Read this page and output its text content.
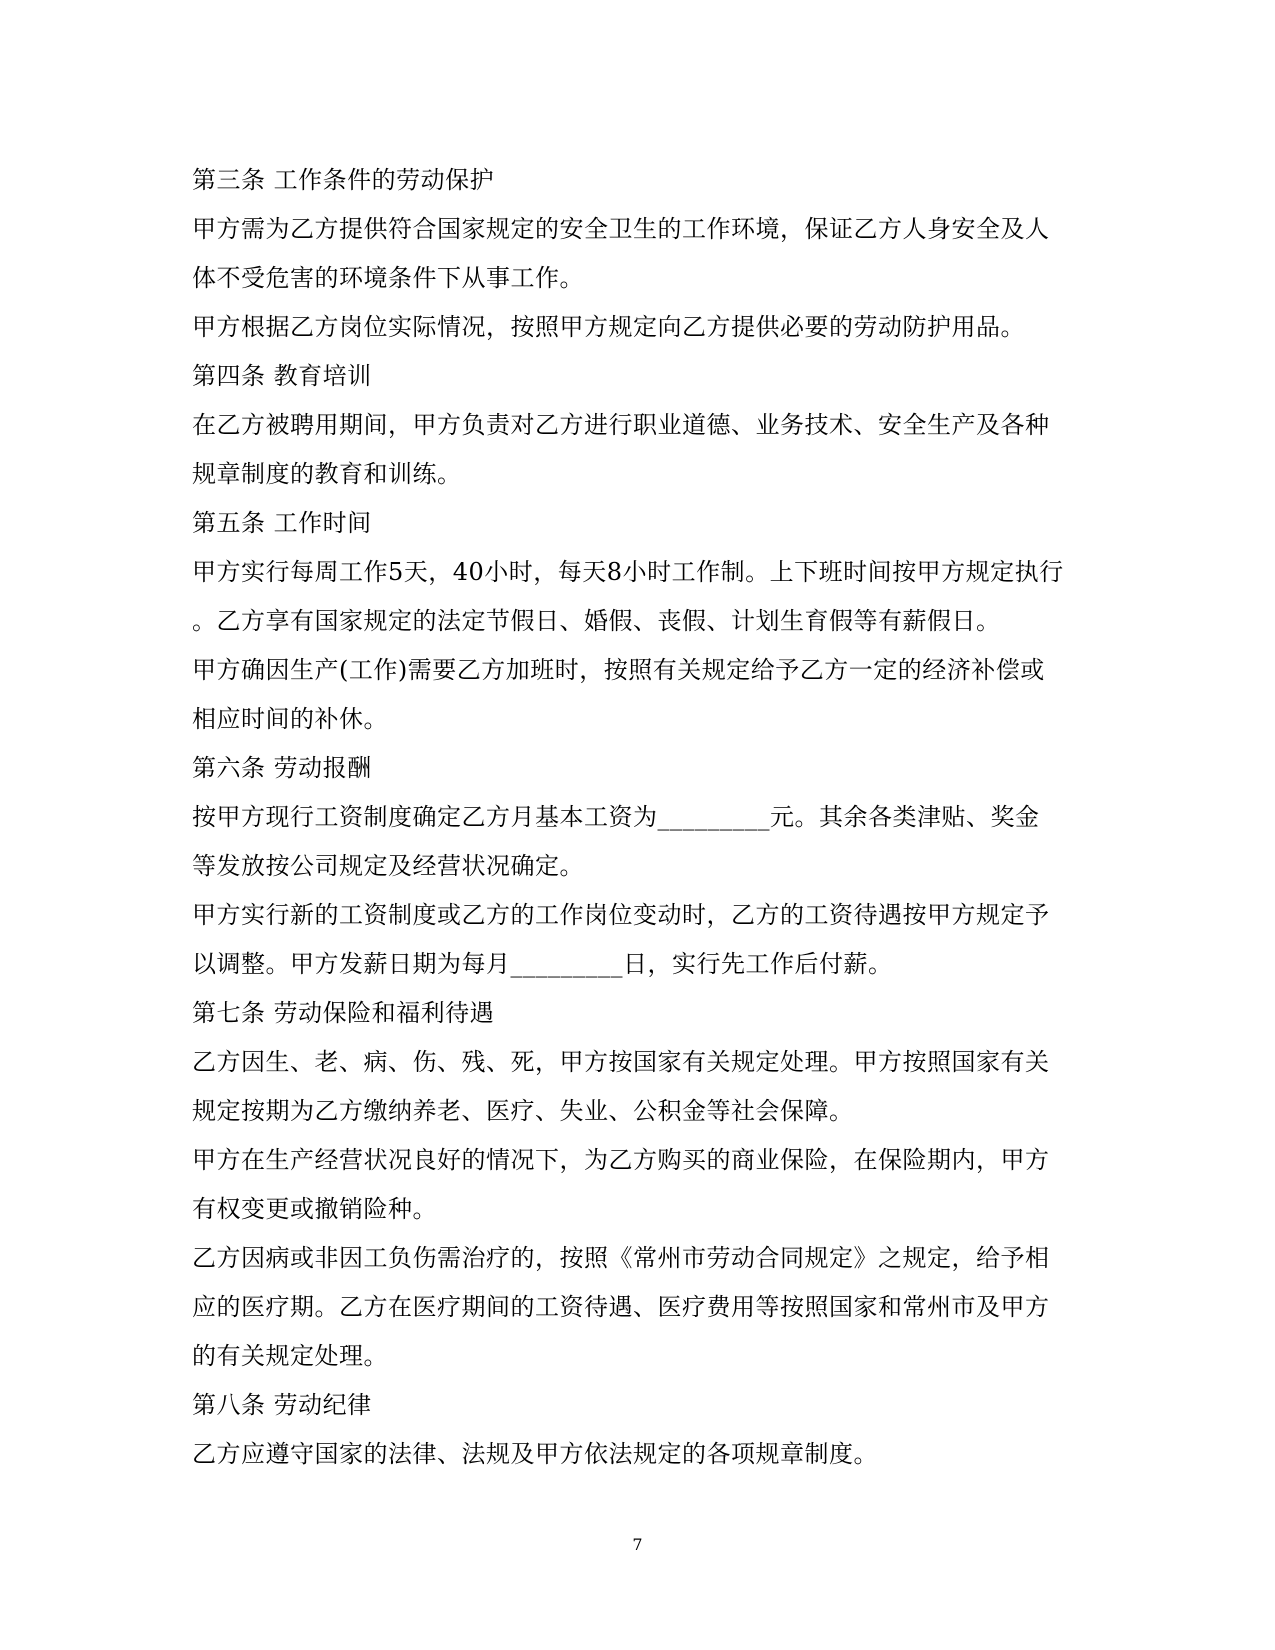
第三条 工作条件的劳动保护
甲方需为乙方提供符合国家规定的安全卫生的工作环境，保证乙方人身安全及人
体不受危害的环境条件下从事工作。
甲方根据乙方岗位实际情况，按照甲方规定向乙方提供必要的劳动防护用品。
第四条 教育培训
在乙方被聘用期间，甲方负责对乙方进行职业道德、业务技术、安全生产及各种
规章制度的教育和训练。
第五条 工作时间
甲方实行每周工作5天，40小时，每天8小时工作制。上下班时间按甲方规定执行
。乙方享有国家规定的法定节假日、婚假、丧假、计划生育假等有薪假日。
甲方确因生产(工作)需要乙方加班时，按照有关规定给予乙方一定的经济补偿或
相应时间的补休。
第六条 劳动报酬
按甲方现行工资制度确定乙方月基本工资为_________元。其余各类津贴、奖金
等发放按公司规定及经营状况确定。
甲方实行新的工资制度或乙方的工作岗位变动时，乙方的工资待遇按甲方规定予
以调整。甲方发薪日期为每月_________日，实行先工作后付薪。
第七条 劳动保险和福利待遇
乙方因生、老、病、伤、残、死，甲方按国家有关规定处理。甲方按照国家有关
规定按期为乙方缴纳养老、医疗、失业、公积金等社会保障。
甲方在生产经营状况良好的情况下，为乙方购买的商业保险，在保险期内，甲方
有权变更或撤销险种。
乙方因病或非因工负伤需治疗的，按照《常州市劳动合同规定》之规定，给予相
应的医疗期。乙方在医疗期间的工资待遇、医疗费用等按照国家和常州市及甲方
的有关规定处理。
第八条 劳动纪律
乙方应遵守国家的法律、法规及甲方依法规定的各项规章制度。
7
